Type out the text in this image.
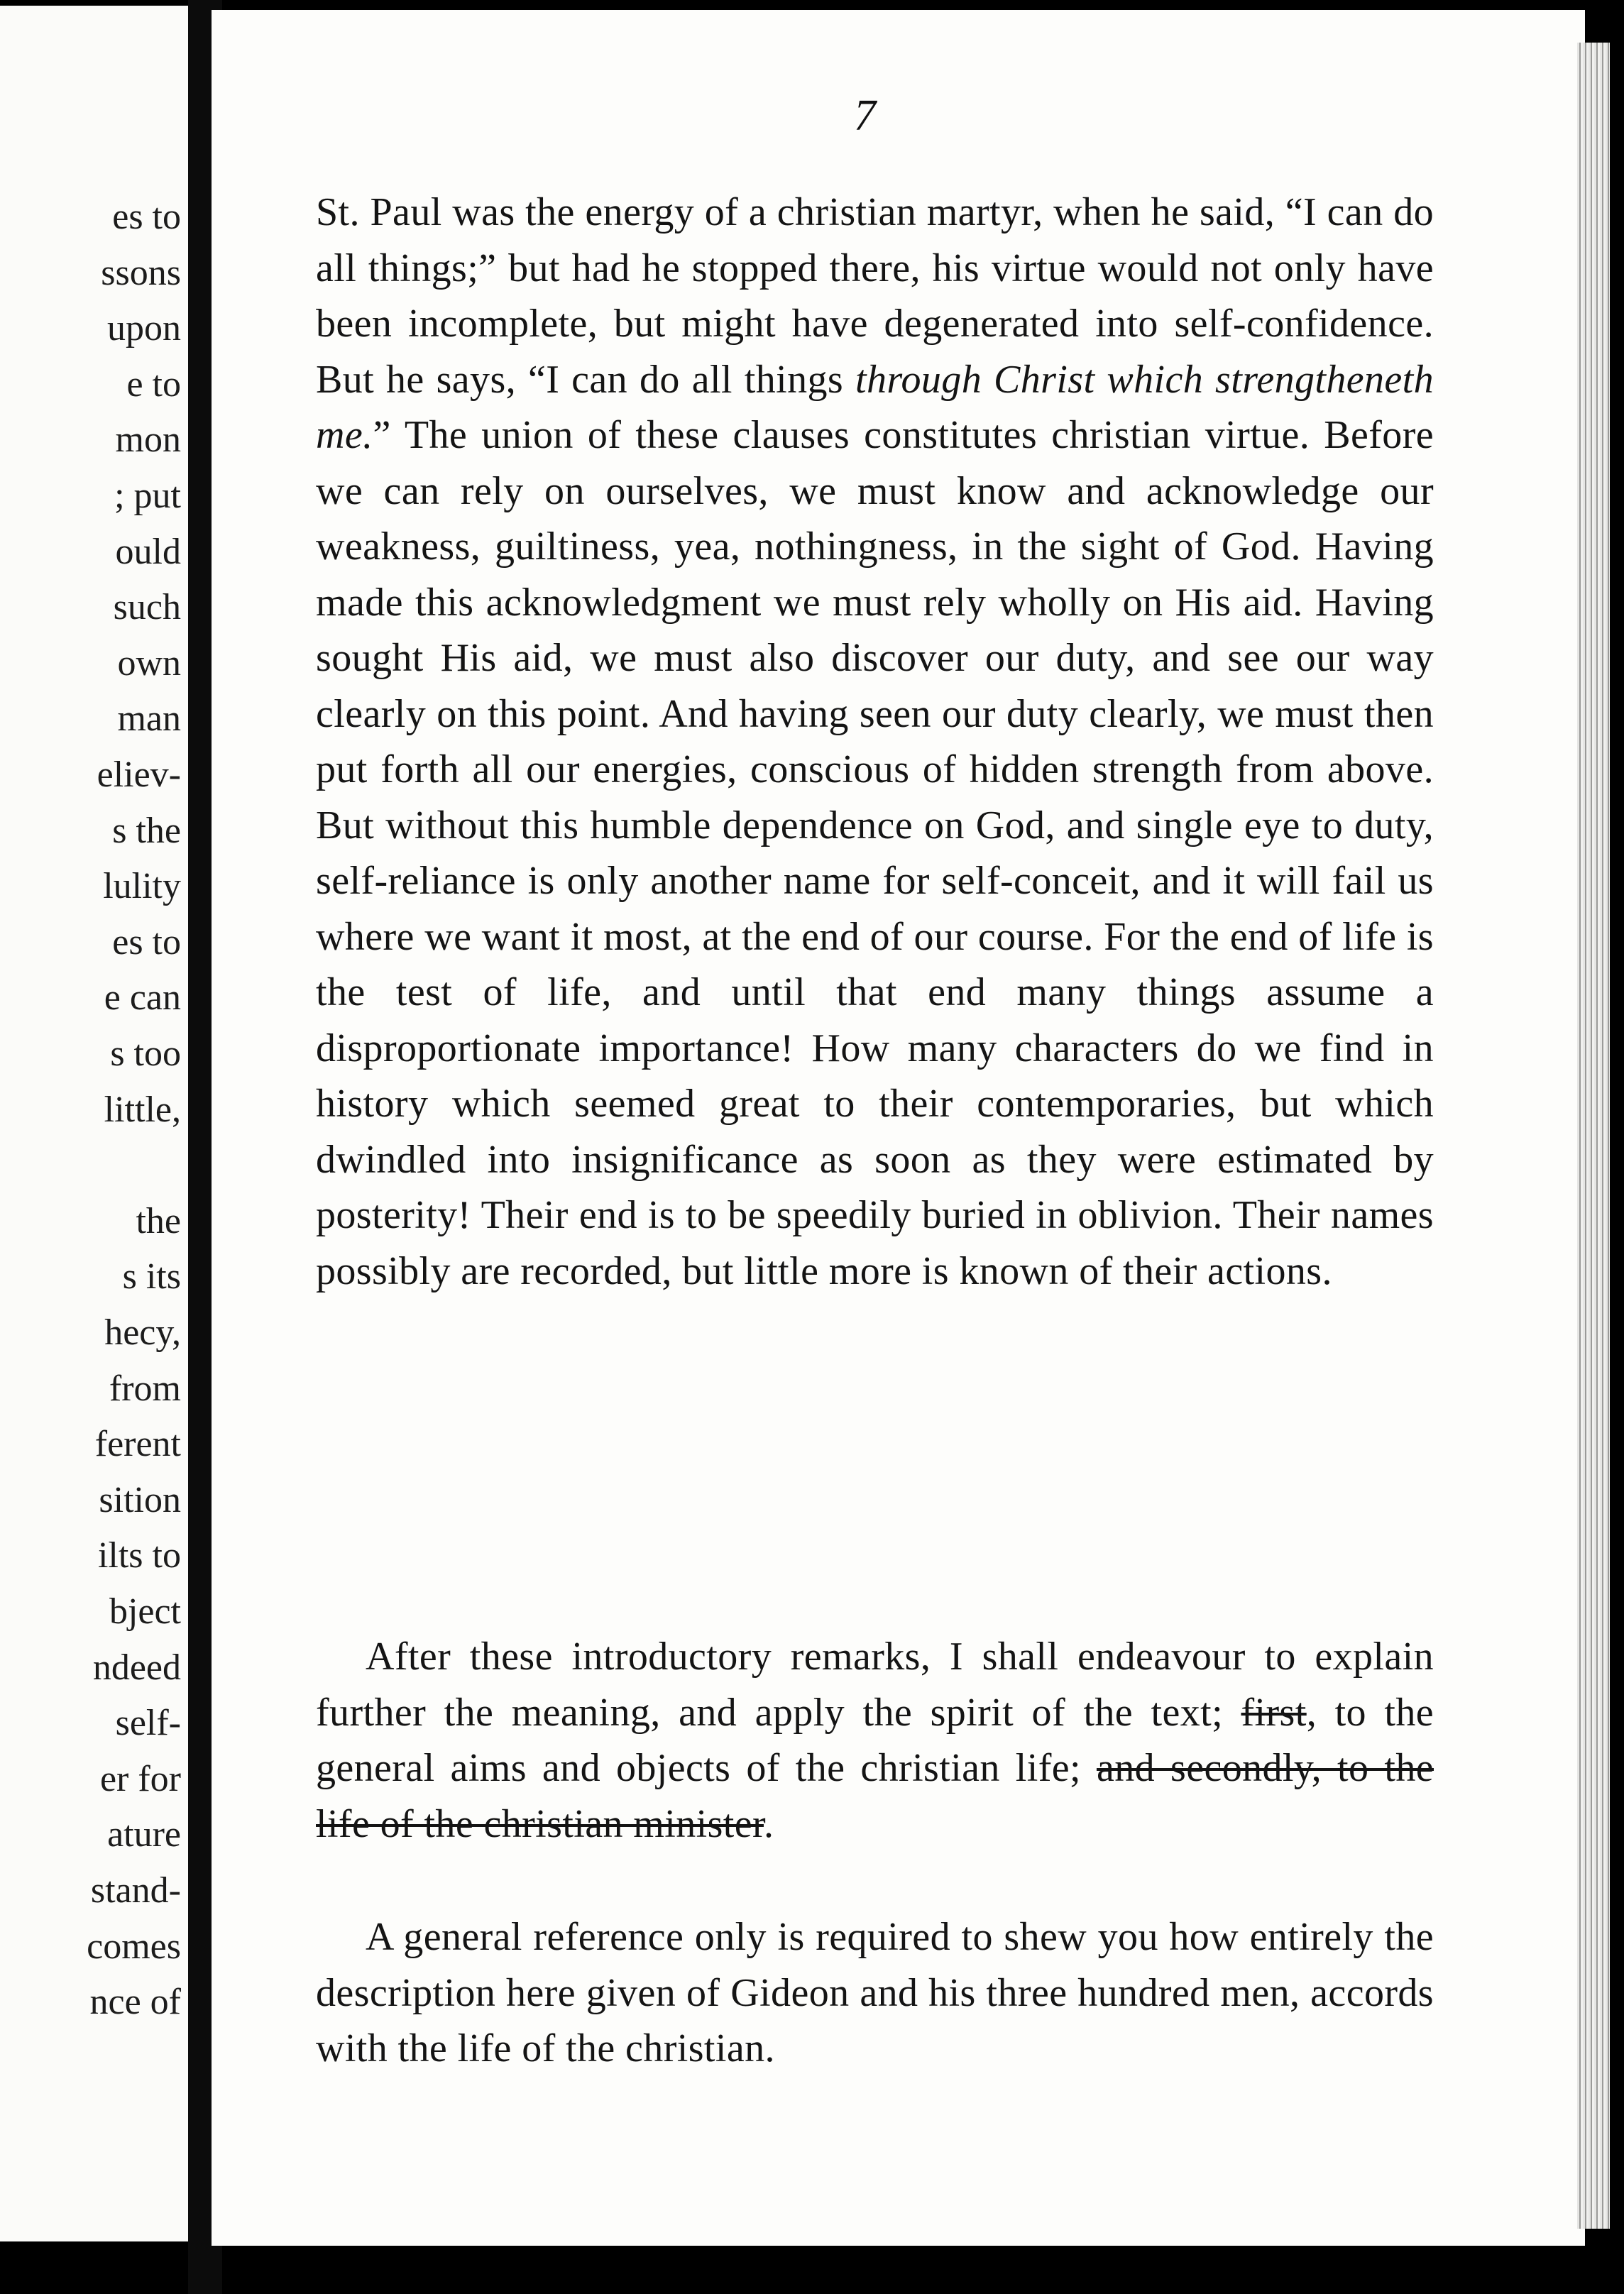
es to
ssons
upon
e to
mon
; put
ould
such
own
man
eliev-
s the
lulity
es to
e can
s too
little,
the
s its
hecy,
from
ferent
sition
ilts to
bject
ndeed
self-
er for
ature
stand-
comes
nce of
7

St. Paul was the energy of a christian martyr, when he said, “I can do all things;” but had he stopped there, his virtue would not only have been incomplete, but might have degenerated into self-confidence. But he says, “I can do all things through Christ which strengtheneth me.” The union of these clauses constitutes christian virtue. Before we can rely on ourselves, we must know and acknowledge our weakness, guiltiness, yea, nothingness, in the sight of God. Having made this acknowledgment we must rely wholly on His aid. Having sought His aid, we must also discover our duty, and see our way clearly on this point. And having seen our duty clearly, we must then put forth all our energies, conscious of hidden strength from above. But without this humble dependence on God, and single eye to duty, self-reliance is only another name for self-conceit, and it will fail us where we want it most, at the end of our course. For the end of life is the test of life, and until that end many things assume a disproportionate importance! How many characters do we find in history which seemed great to their contemporaries, but which dwindled into insignificance as soon as they were estimated by posterity! Their end is to be speedily buried in oblivion. Their names possibly are recorded, but little more is known of their actions.

After these introductory remarks, I shall endeavour to explain further the meaning, and apply the spirit of the text; first, to the general aims and objects of the christian life; and secondly, to the life of the christian minister.

A general reference only is required to shew you how entirely the description here given of Gideon and his three hundred men, accords with the life of the christian.
